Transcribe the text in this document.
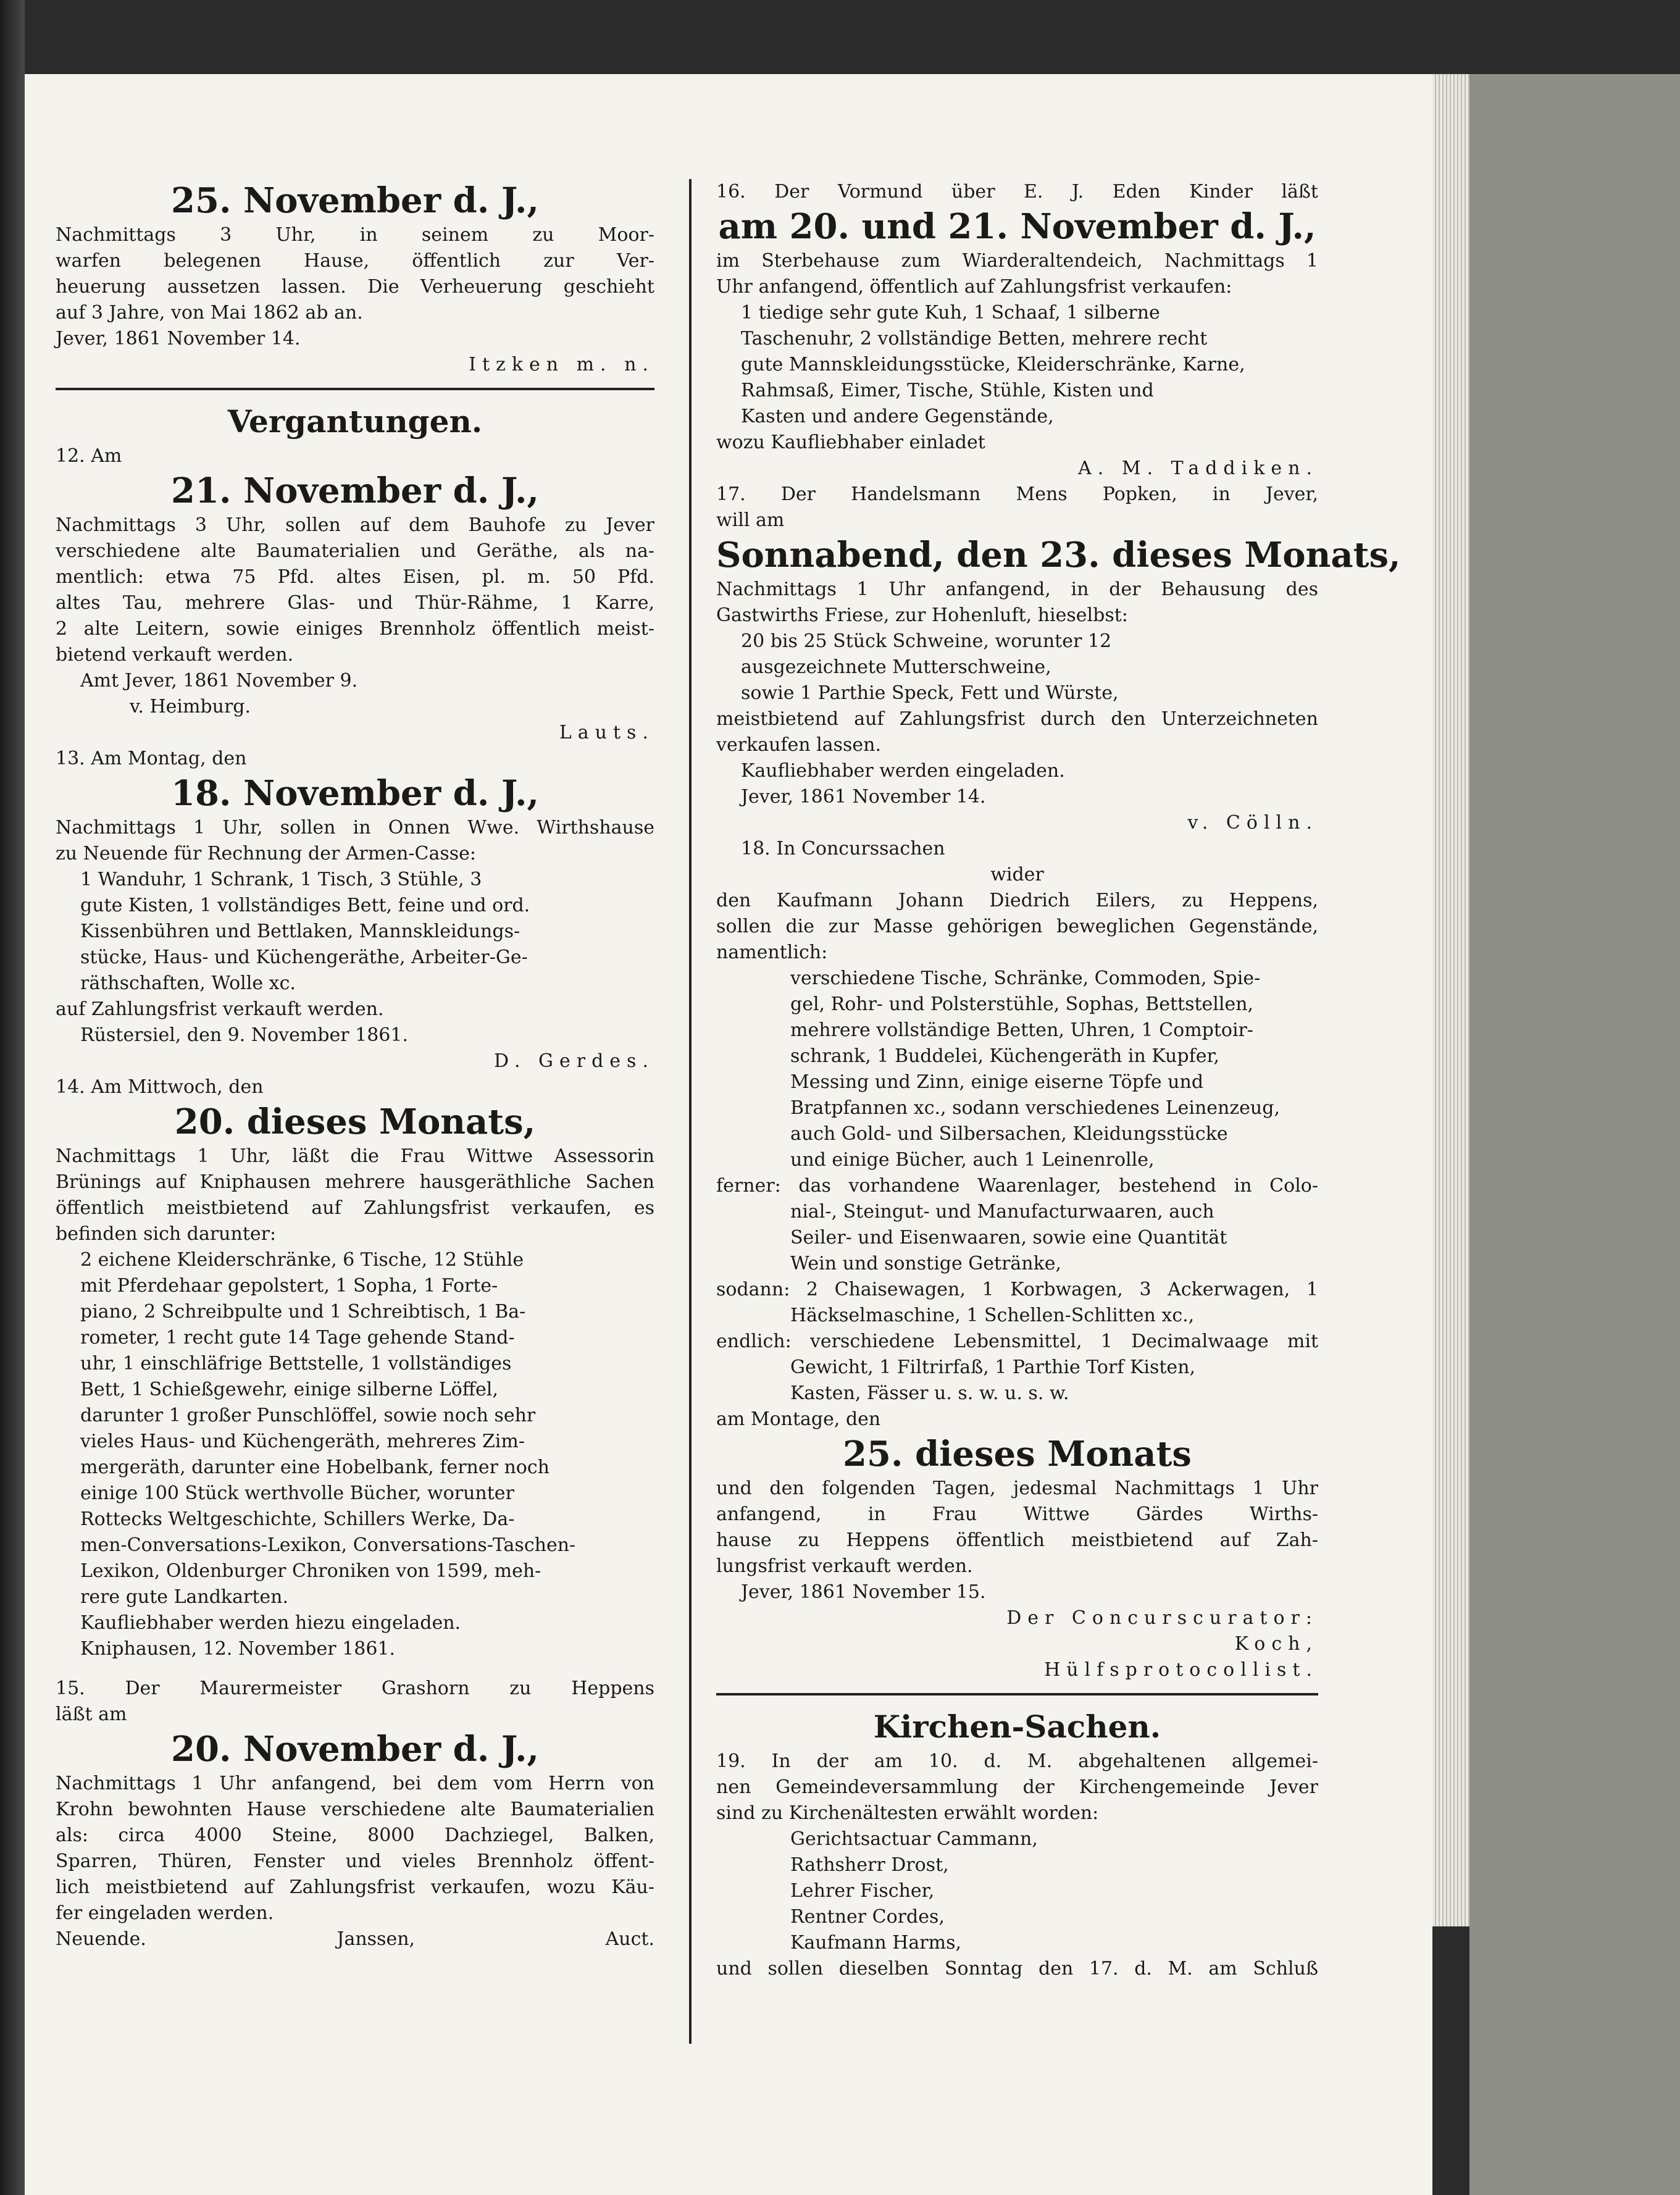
25. November d. J.,
Nachmittags 3 Uhr, in seinem zu Moor-
warfen belegenen Hause, öffentlich zur Ver-
heuerung aussetzen lassen. Die Verheuerung geschieht
auf 3 Jahre, von Mai 1862 ab an.
Jever, 1861 November 14.
Itzken m. n.
Vergantungen.
12. Am
21. November d. J.,
Nachmittags 3 Uhr, sollen auf dem Bauhofe zu Jever
verschiedene alte Baumaterialien und Geräthe, als na-
mentlich: etwa 75 Pfd. altes Eisen, pl. m. 50 Pfd.
altes Tau, mehrere Glas- und Thür-Rähme, 1 Karre,
2 alte Leitern, sowie einiges Brennholz öffentlich meist-
bietend verkauft werden.
Amt Jever, 1861 November 9.
v. Heimburg.
Lauts.
13. Am Montag, den
18. November d. J.,
Nachmittags 1 Uhr, sollen in Onnen Wwe. Wirthshause
zu Neuende für Rechnung der Armen-Casse:
1 Wanduhr, 1 Schrank, 1 Tisch, 3 Stühle, 3
gute Kisten, 1 vollständiges Bett, feine und ord.
Kissenbühren und Bettlaken, Mannskleidungs-
stücke, Haus- und Küchengeräthe, Arbeiter-Ge-
räthschaften, Wolle xc.
auf Zahlungsfrist verkauft werden.
Rüstersiel, den 9. November 1861.
D. Gerdes.
14. Am Mittwoch, den
20. dieses Monats,
Nachmittags 1 Uhr, läßt die Frau Wittwe Assessorin
Brünings auf Kniphausen mehrere hausgeräthliche Sachen
öffentlich meistbietend auf Zahlungsfrist verkaufen, es
befinden sich darunter:
2 eichene Kleiderschränke, 6 Tische, 12 Stühle
mit Pferdehaar gepolstert, 1 Sopha, 1 Forte-
piano, 2 Schreibpulte und 1 Schreibtisch, 1 Ba-
rometer, 1 recht gute 14 Tage gehende Stand-
uhr, 1 einschläfrige Bettstelle, 1 vollständiges
Bett, 1 Schießgewehr, einige silberne Löffel,
darunter 1 großer Punschlöffel, sowie noch sehr
vieles Haus- und Küchengeräth, mehreres Zim-
mergeräth, darunter eine Hobelbank, ferner noch
einige 100 Stück werthvolle Bücher, worunter
Rottecks Weltgeschichte, Schillers Werke, Da-
men-Conversations-Lexikon, Conversations-Taschen-
Lexikon, Oldenburger Chroniken von 1599, meh-
rere gute Landkarten.
Kaufliebhaber werden hiezu eingeladen.
Kniphausen, 12. November 1861.
15. Der Maurermeister Grashorn zu Heppens
läßt am
20. November d. J.,
Nachmittags 1 Uhr anfangend, bei dem vom Herrn von
Krohn bewohnten Hause verschiedene alte Baumaterialien
als: circa 4000 Steine, 8000 Dachziegel, Balken,
Sparren, Thüren, Fenster und vieles Brennholz öffent-
lich meistbietend auf Zahlungsfrist verkaufen, wozu Käu-
fer eingeladen werden.
Neuende. Janssen, Auct.
16. Der Vormund über E. J. Eden Kinder läßt
am 20. und 21. November d. J.,
im Sterbehause zum Wiarderaltendeich, Nachmittags 1
Uhr anfangend, öffentlich auf Zahlungsfrist verkaufen:
1 tiedige sehr gute Kuh, 1 Schaaf, 1 silberne
Taschenuhr, 2 vollständige Betten, mehrere recht
gute Mannskleidungsstücke, Kleiderschränke, Karne,
Rahmsaß, Eimer, Tische, Stühle, Kisten und
Kasten und andere Gegenstände,
wozu Kaufliebhaber einladet
A. M. Taddiken.
17. Der Handelsmann Mens Popken, in Jever,
will am
Sonnabend, den 23. dieses Monats,
Nachmittags 1 Uhr anfangend, in der Behausung des
Gastwirths Friese, zur Hohenluft, hieselbst:
20 bis 25 Stück Schweine, worunter 12
ausgezeichnete Mutterschweine,
sowie 1 Parthie Speck, Fett und Würste,
meistbietend auf Zahlungsfrist durch den Unterzeichneten
verkaufen lassen.
Kaufliebhaber werden eingeladen.
Jever, 1861 November 14.
v. Cölln.
18. In Concurssachen
wider
den Kaufmann Johann Diedrich Eilers, zu Heppens,
sollen die zur Masse gehörigen beweglichen Gegenstände,
namentlich:
verschiedene Tische, Schränke, Commoden, Spie-
gel, Rohr- und Polsterstühle, Sophas, Bettstellen,
mehrere vollständige Betten, Uhren, 1 Comptoir-
schrank, 1 Buddelei, Küchengeräth in Kupfer,
Messing und Zinn, einige eiserne Töpfe und
Bratpfannen xc., sodann verschiedenes Leinenzeug,
auch Gold- und Silbersachen, Kleidungsstücke
und einige Bücher, auch 1 Leinenrolle,
ferner: das vorhandene Waarenlager, bestehend in Colo-
nial-, Steingut- und Manufacturwaaren, auch
Seiler- und Eisenwaaren, sowie eine Quantität
Wein und sonstige Getränke,
sodann: 2 Chaisewagen, 1 Korbwagen, 3 Ackerwagen, 1
Häckselmaschine, 1 Schellen-Schlitten xc.,
endlich: verschiedene Lebensmittel, 1 Decimalwaage mit
Gewicht, 1 Filtrirfaß, 1 Parthie Torf Kisten,
Kasten, Fässer u. s. w. u. s. w.
am Montage, den
25. dieses Monats
und den folgenden Tagen, jedesmal Nachmittags 1 Uhr
anfangend, in Frau Wittwe Gärdes Wirths-
hause zu Heppens öffentlich meistbietend auf Zah-
lungsfrist verkauft werden.
Jever, 1861 November 15.
Der Concurscurator:
Koch,
Hülfsprotocollist.
Kirchen-Sachen.
19. In der am 10. d. M. abgehaltenen allgemei-
nen Gemeindeversammlung der Kirchengemeinde Jever
sind zu Kirchenältesten erwählt worden:
Gerichtsactuar Cammann,
Rathsherr Drost,
Lehrer Fischer,
Rentner Cordes,
Kaufmann Harms,
und sollen dieselben Sonntag den 17. d. M. am Schluß
